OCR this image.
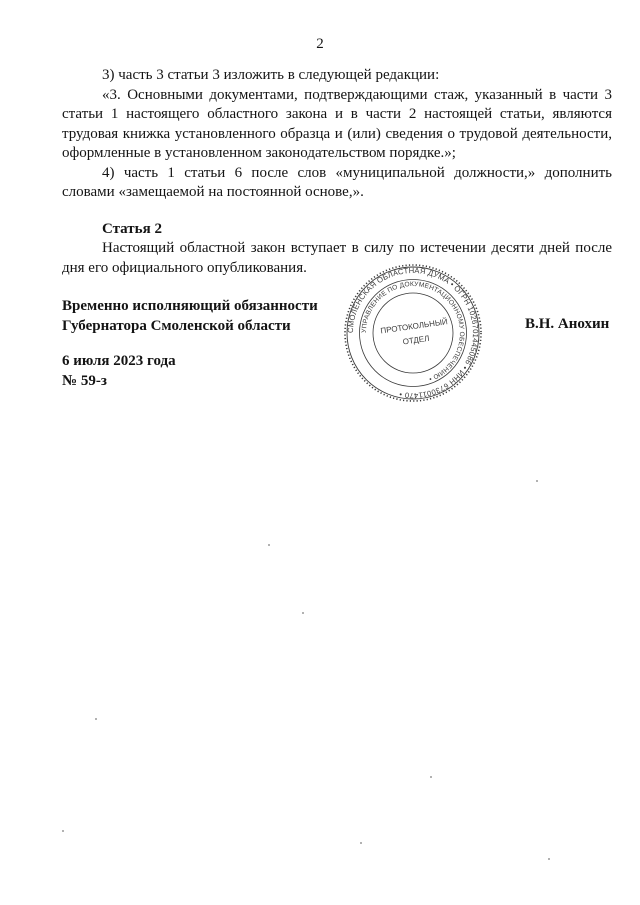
2

3) часть 3 статьи 3 изложить в следующей редакции:

«3. Основными документами, подтверждающими стаж, указанный в части 3 статьи 1 настоящего областного закона и в части 2 настоящей статьи, являются трудовая книжка установленного образца и (или) сведения о трудовой деятельности, оформленные в установленном законодательством порядке.»;

4) часть 1 статьи 6 после слов «муниципальной должности,» дополнить словами «замещаемой на постоянной основе,».

Статья 2

Настоящий областной закон вступает в силу по истечении десяти дней после дня его официального опубликования.

Временно исполняющий обязанности
Губернатора Смоленской области	В.Н. Анохин
6 июля 2023 года
№ 59-з
СМОЛЕНСКАЯ ОБЛАСТНАЯ ДУМА • ОГРН 1026701445086 • ИНН 6730011470 •
УПРАВЛЕНИЕ ПО ДОКУМЕНТАЦИОННОМУ ОБЕСПЕЧЕНИЮ •
ПРОТОКОЛЬНЫЙ
ОТДЕЛ
